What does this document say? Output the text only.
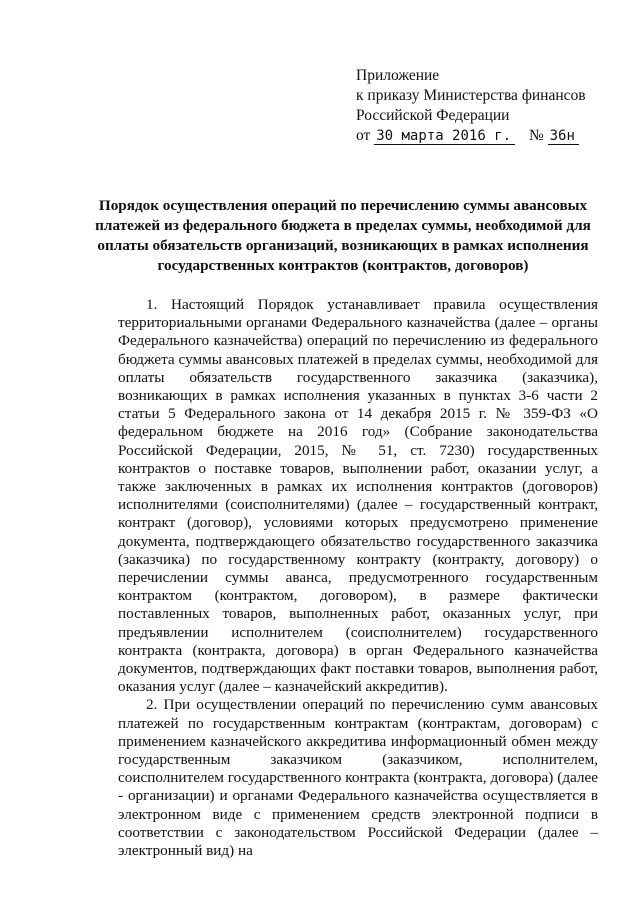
Приложение
к приказу Министерства финансов
Российской Федерации
от 30 марта 2016 г. № 36н
Порядок осуществления операций по перечислению суммы авансовых платежей из федерального бюджета в пределах суммы, необходимой для оплаты обязательств организаций, возникающих в рамках исполнения государственных контрактов (контрактов, договоров)

1. Настоящий Порядок устанавливает правила осуществления территориальными органами Федерального казначейства (далее – органы Федерального казначейства) операций по перечислению из федерального бюджета суммы авансовых платежей в пределах суммы, необходимой для оплаты обязательств государственного заказчика (заказчика), возникающих в рамках исполнения указанных в пунктах 3-6 части 2 статьи 5 Федерального закона от 14 декабря 2015 г. № 359-ФЗ «О федеральном бюджете на 2016 год» (Собрание законодательства Российской Федерации, 2015, № 51, ст. 7230) государственных контрактов о поставке товаров, выполнении работ, оказании услуг, а также заключенных в рамках их исполнения контрактов (договоров) исполнителями (соисполнителями) (далее – государственный контракт, контракт (договор), условиями которых предусмотрено применение документа, подтверждающего обязательство государственного заказчика (заказчика) по государственному контракту (контракту, договору) о перечислении суммы аванса, предусмотренного государственным контрактом (контрактом, договором), в размере фактически поставленных товаров, выполненных работ, оказанных услуг, при предъявлении исполнителем (соисполнителем) государственного контракта (контракта, договора) в орган Федерального казначейства документов, подтверждающих факт поставки товаров, выполнения работ, оказания услуг (далее – казначейский аккредитив).

2. При осуществлении операций по перечислению сумм авансовых платежей по государственным контрактам (контрактам, договорам) с применением казначейского аккредитива информационный обмен между государственным заказчиком (заказчиком, исполнителем, соисполнителем государственного контракта (контракта, договора) (далее - организации) и органами Федерального казначейства осуществляется в электронном виде с применением средств электронной подписи в соответствии с законодательством Российской Федерации (далее – электронный вид) на
